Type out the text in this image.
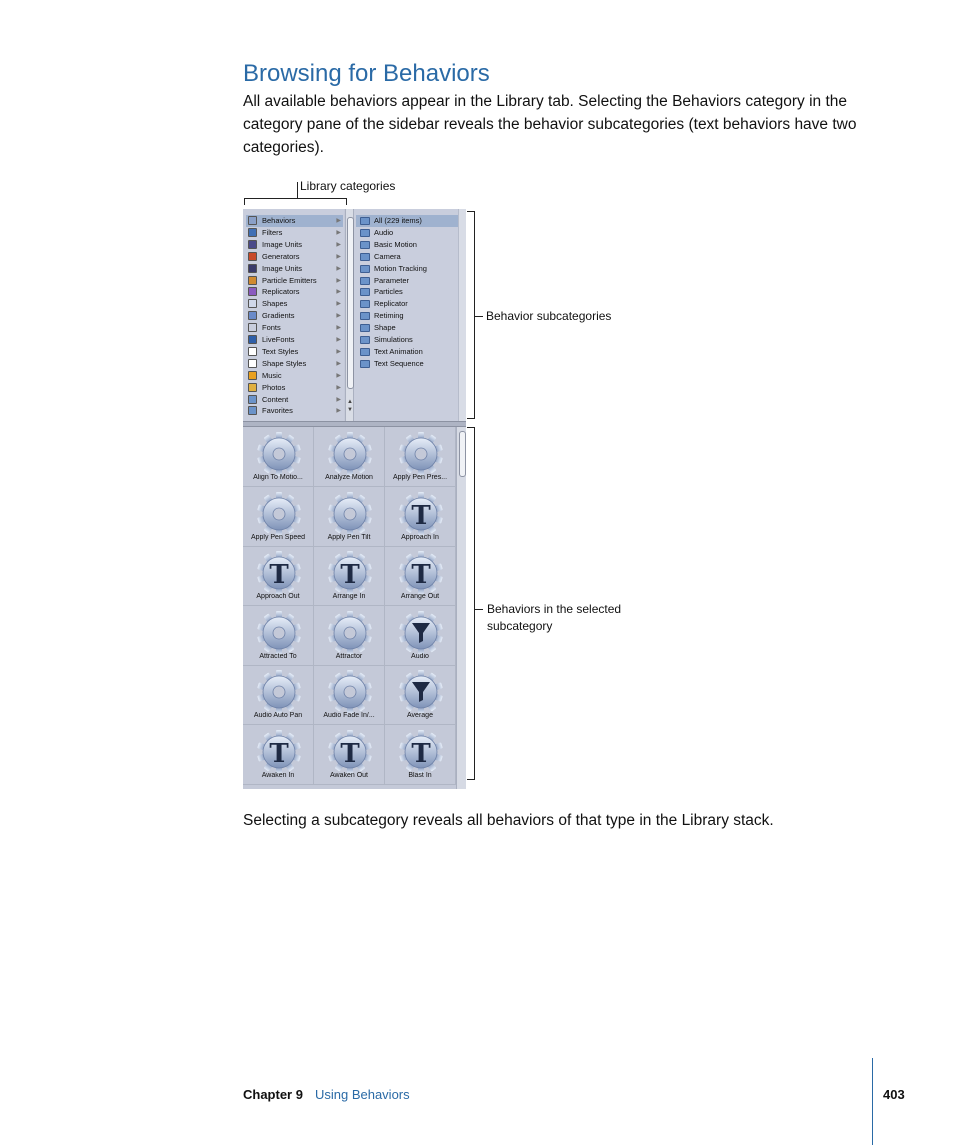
Browsing for Behaviors

All available behaviors appear in the Library tab. Selecting the Behaviors category in the category pane of the sidebar reveals the behavior subcategories (text behaviors have two categories).

Library categories
Behavior subcategories
Behaviors in the selected
subcategory
Behaviors	▶
Filters	▶
Image Units	▶
Generators	▶
Image Units	▶
Particle Emitters	▶
Replicators	▶
Shapes	▶
Gradients	▶
Fonts	▶
LiveFonts	▶
Text Styles	▶
Shape Styles	▶
Music	▶
Photos	▶
Content	▶
Favorites	▶
▲
▼
All (229 items)
Audio
Basic Motion
Camera
Motion Tracking
Parameter
Particles
Replicator
Retiming
Shape
Simulations
Text Animation
Text Sequence
Align To Motio...	Analyze Motion	Apply Pen Pres...
Apply Pen Speed	Apply Pen Tilt
T
Approach In
T
Approach Out
T
Arrange In
T
Arrange Out
Attracted To	Attractor	Audio
Audio Auto Pan	Audio Fade In/...	Average
T
Awaken In
T
Awaken Out
T
Blast In

Selecting a subcategory reveals all behaviors of that type in the Library stack.

Chapter 9 Using Behaviors	403
